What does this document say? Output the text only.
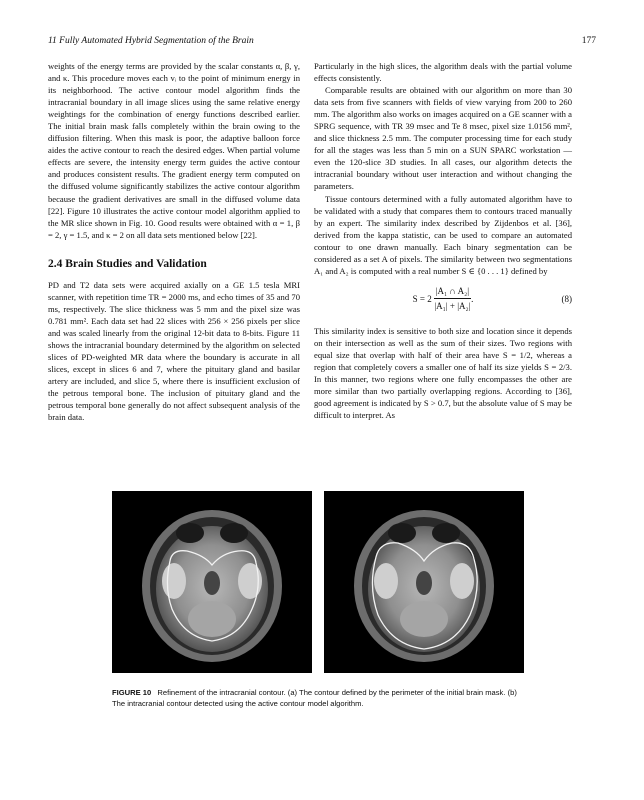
11 Fully Automated Hybrid Segmentation of the Brain	177

weights of the energy terms are provided by the scalar constants α, β, γ, and κ. This procedure moves each vᵢ to the point of minimum energy in its neighborhood. The active contour model algorithm finds the intracranial boundary in all image slices using the same relative energy weightings for the combination of energy functions described earlier. The initial brain mask falls completely within the brain owing to the diffusion filtering. When this mask is poor, the adaptive balloon force aides the active contour to reach the desired edges. When partial volume effects are severe, the intensity energy term guides the active contour and produces consistent results. The gradient energy term computed on the diffused volume significantly stabilizes the active contour algorithm because the gradient derivatives are small in the diffused volume data [22]. Figure 10 illustrates the active contour model algorithm applied to the MR slice shown in Fig. 10. Good results were obtained with α = 1, β = 2, γ = 1.5, and κ = 2 on all data sets mentioned below [22].

2.4 Brain Studies and Validation

PD and T2 data sets were acquired axially on a GE 1.5 tesla MRI scanner, with repetition time TR = 2000 ms, and echo times of 35 and 70 ms, respectively. The slice thickness was 5 mm and the pixel size was 0.781 mm². Each data set had 22 slices with 256 × 256 pixels per slice and was scaled linearly from the original 12-bit data to 8-bits. Figure 11 shows the intracranial boundary determined by the algorithm on selected slices of PD-weighted MR data where the boundary is accurate in all slices, except in slices 6 and 7, where the pituitary gland and basilar artery are included, and slice 5, where there is insufficient exclusion of the petrous temporal bone. The inclusion of pituitary gland and the petrous temporal bone generally do not affect subsequent analysis of the brain data.

Particularly in the high slices, the algorithm deals with the partial volume effects consistently.

Comparable results are obtained with our algorithm on more than 30 data sets from five scanners with fields of view varying from 200 to 260 mm. The algorithm also works on images acquired on a GE scanner with a SPRG sequence, with TR 39 msec and Te 8 msec, pixel size 1.0156 mm², and slice thickness 2.5 mm. The computer processing time for each study for all the stages was less than 5 min on a SUN SPARC workstation — even the 120-slice 3D studies. In all cases, our algorithm detects the intracranial boundary without user interaction and without changing the parameters.

Tissue contours determined with a fully automated algorithm have to be validated with a study that compares them to contours traced manually by an expert. The similarity index described by Zijdenbos et al. [36], derived from the kappa statistic, can be used to compare an automated contour to one drawn manually. Each binary segmentation can be considered as a set A of pixels. The similarity between two segmentations A₁ and A₂ is computed with a real number S ∈ {0 . . . 1} defined by

$S = 2 \frac{\text{|A₁ ∩ A₂|}}{\text{|A₁| + |A₂|}}$ .	(8)

This similarity index is sensitive to both size and location since it depends on their intersection as well as the sum of their sizes. Two regions with equal size that overlap with half of their area have S = 1/2, whereas a region that completely covers a smaller one of half its size yields S = 2/3. In this manner, two regions where one fully encompasses the other are more similar than two partially overlapping regions. According to [36], good agreement is indicated by S > 0.7, but the absolute value of S may be difficult to interpret. As

FIGURE 10 Refinement of the intracranial contour. (a) The contour defined by the perimeter of the initial brain mask. (b) The intracranial contour detected using the active contour model algorithm.
